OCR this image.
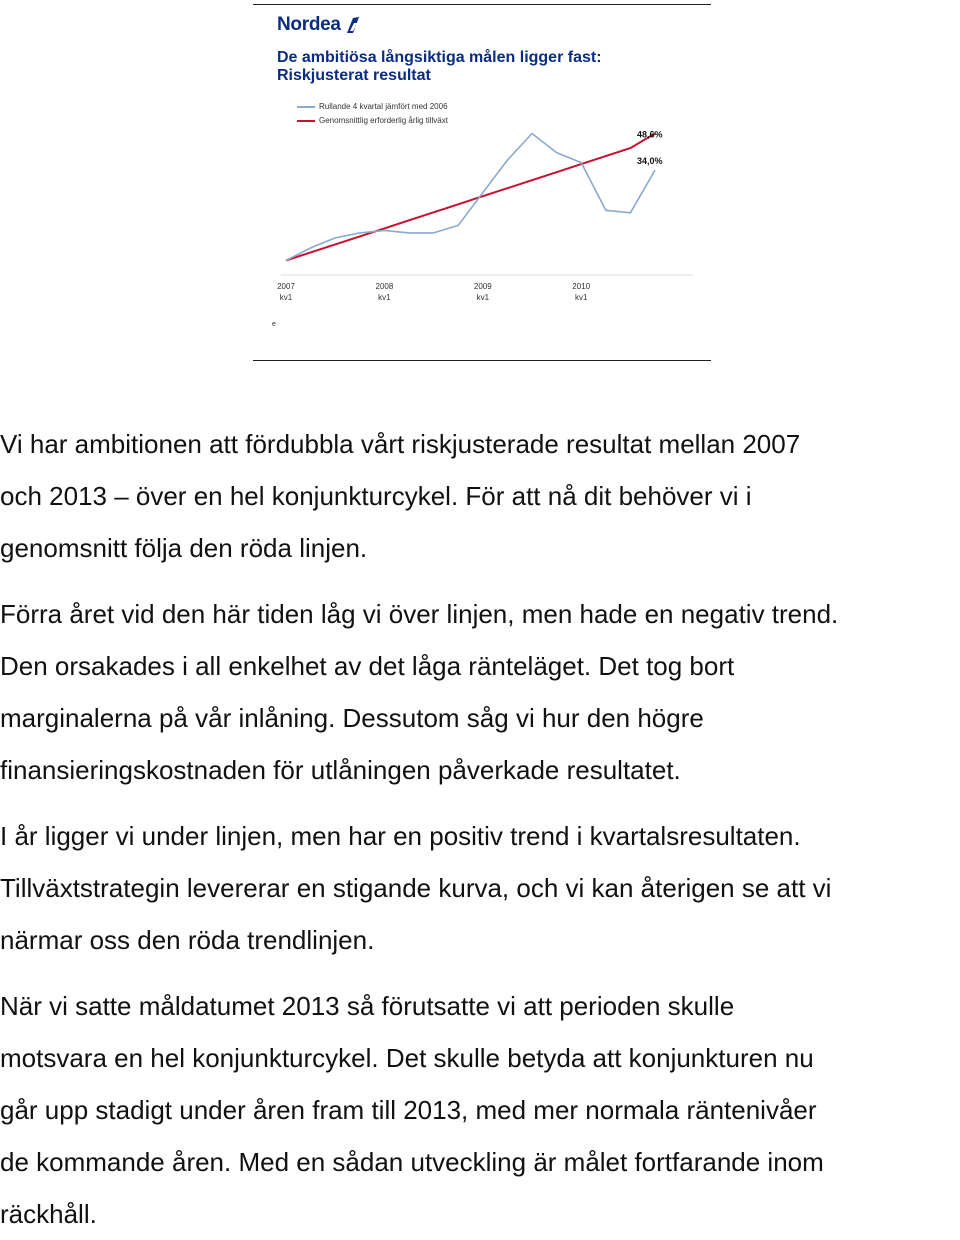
Nordea
De ambitiösa långsiktiga målen ligger fast:
Riskjusterat resultat
Rullande 4 kvartal jämfört med 2006
Genomsnittlig erforderlig årlig tillväxt
48,6%
34,0%
2007
kv1
2008
kv1
2009
kv1
2010
kv1
e
Vi har ambitionen att fördubbla vårt riskjusterade resultat mellan 2007
och 2013 – över en hel konjunkturcykel. För att nå dit behöver vi i
genomsnitt följa den röda linjen.
Förra året vid den här tiden låg vi över linjen, men hade en negativ trend.
Den orsakades i all enkelhet av det låga ränteläget. Det tog bort
marginalerna på vår inlåning. Dessutom såg vi hur den högre
finansieringskostnaden för utlåningen påverkade resultatet.
I år ligger vi under linjen, men har en positiv trend i kvartalsresultaten.
Tillväxtstrategin levererar en stigande kurva, och vi kan återigen se att vi
närmar oss den röda trendlinjen.
När vi satte måldatumet 2013 så förutsatte vi att perioden skulle
motsvara en hel konjunkturcykel. Det skulle betyda att konjunkturen nu
går upp stadigt under åren fram till 2013, med mer normala räntenivåer
de kommande åren. Med en sådan utveckling är målet fortfarande inom
räckhåll.
